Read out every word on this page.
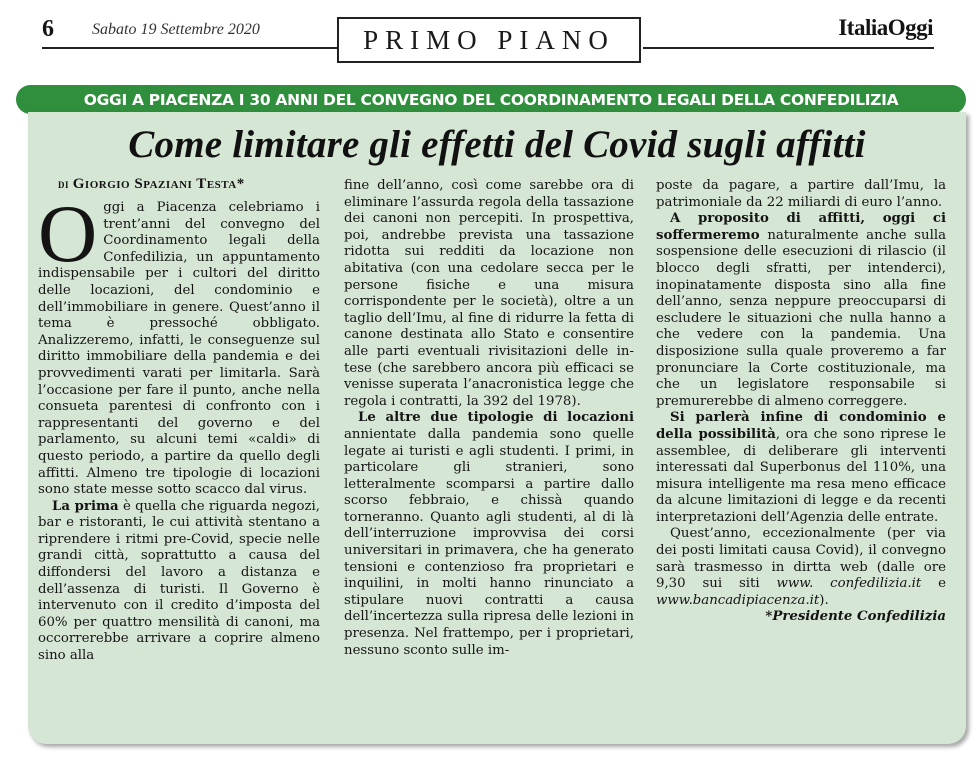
6 Sabato 19 Settembre 2020	PRIMO PIANO	ItaliaOggi
OGGI A PIACENZA I 30 ANNI DEL CONVEGNO DEL COORDINAMENTO LEGALI DELLA CONFEDILIZIA
Come limitare gli effetti del Covid sugli affitti
di Giorgio Spaziani Testa*

Oggi a Piacenza celebriamo i trent’anni del convegno del Coordinamento legali della Confedilizia, un appuntamento indispensabile per i cultori del diritto delle locazioni, del condominio e dell’immobiliare in genere. Quest’anno il tema è pressoché obbligato. Analizzeremo, infatti, le conseguenze sul diritto immobiliare della pandemia e dei provvedimenti varati per limitarla. Sarà l’occasione per fare il punto, anche nella consueta parentesi di confronto con i rappresentanti del governo e del parlamento, su alcuni temi «caldi» di questo periodo, a partire da quello degli affitti. Almeno tre tipologie di locazioni sono state messe sotto scacco dal virus.

La prima è quella che riguarda negozi, bar e ristoranti, le cui attività stentano a riprendere i ritmi pre-Covid, specie nelle grandi città, soprattutto a causa del diffondersi del lavoro a distanza e dell’assenza di turisti. Il Governo è intervenuto con il credito d’imposta del 60% per quattro mensilità di canoni, ma occorrerebbe arrivare a coprire almeno sino alla

fine dell’anno, così come sarebbe ora di eliminare l’assurda regola della tassazione dei canoni non percepiti. In prospettiva, poi, andrebbe prevista una tassazione ridotta sui redditi da locazione non abitativa (con una cedolare secca per le persone fisiche e una misura corrispondente per le società), oltre a un taglio dell’Imu, al fine di ridurre la fetta di canone destinata allo Stato e consentire alle parti eventuali rivisitazioni delle intese (che sarebbero ancora più efficaci se venisse superata l’anacronistica legge che regola i contratti, la 392 del 1978).

Le altre due tipologie di locazioni annientate dalla pandemia sono quelle legate ai turisti e agli studenti. I primi, in particolare gli stranieri, sono letteralmente scomparsi a partire dallo scorso febbraio, e chissà quando torneranno. Quanto agli studenti, al di là dell’interruzione improvvisa dei corsi universitari in primavera, che ha generato tensioni e contenzioso fra proprietari e inquilini, in molti hanno rinunciato a stipulare nuovi contratti a causa dell’incertezza sulla ripresa delle lezioni in presenza. Nel frattempo, per i proprietari, nessuno sconto sulle im-

poste da pagare, a partire dall’Imu, la patrimoniale da 22 miliardi di euro l’anno.

A proposito di affitti, oggi ci soffermeremo naturalmente anche sulla sospensione delle esecuzioni di rilascio (il blocco degli sfratti, per intenderci), inopinatamente disposta sino alla fine dell’anno, senza neppure preoccuparsi di escludere le situazioni che nulla hanno a che vedere con la pandemia. Una disposizione sulla quale proveremo a far pronunciare la Corte costituzionale, ma che un legislatore responsabile si premurerebbe di almeno correggere.

Si parlerà infine di condominio e della possibilità, ora che sono riprese le assemblee, di deliberare gli interventi interessati dal Superbonus del 110%, una misura intelligente ma resa meno efficace da alcune limitazioni di legge e da recenti interpretazioni dell’Agenzia delle entrate.

Quest’anno, eccezionalmente (per via dei posti limitati causa Covid), il convegno sarà trasmesso in dirtta web (dalle ore 9,30 sui siti www. confedilizia.it e www.bancadipiacenza.it).

*Presidente Confedilizia
